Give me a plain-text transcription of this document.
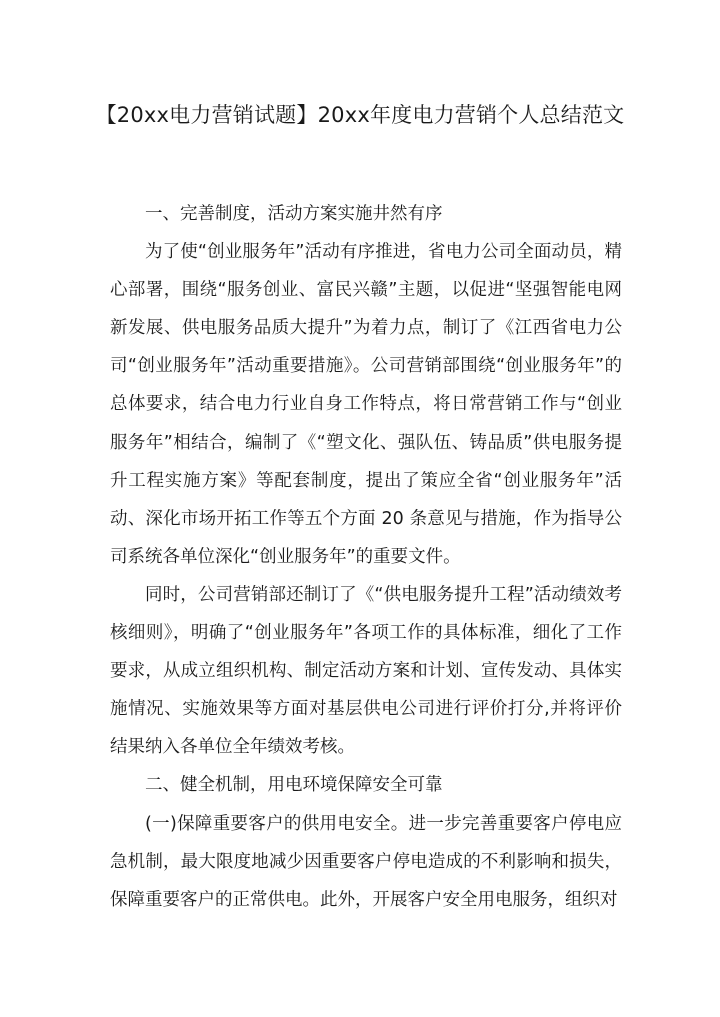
【20xx电力营销试题】20xx年度电力营销个人总结范文

一、完善制度，活动方案实施井然有序

为了使“创业服务年”活动有序推进，省电力公司全面动员，精心部署，围绕“服务创业、富民兴赣”主题，以促进“坚强智能电网新发展、供电服务品质大提升”为着力点，制订了《江西省电力公司“创业服务年”活动重要措施》。公司营销部围绕“创业服务年”的总体要求，结合电力行业自身工作特点，将日常营销工作与“创业服务年”相结合，编制了《“塑文化、强队伍、铸品质”供电服务提升工程实施方案》等配套制度，提出了策应全省“创业服务年”活动、深化市场开拓工作等五个方面 20 条意见与措施，作为指导公司系统各单位深化“创业服务年”的重要文件。

同时，公司营销部还制订了《“供电服务提升工程”活动绩效考核细则》，明确了“创业服务年”各项工作的具体标准，细化了工作要求，从成立组织机构、制定活动方案和计划、宣传发动、具体实施情况、实施效果等方面对基层供电公司进行评价打分,并将评价结果纳入各单位全年绩效考核。

二、健全机制，用电环境保障安全可靠

(一)保障重要客户的供用电安全。进一步完善重要客户停电应急机制，最大限度地减少因重要客户停电造成的不利影响和损失，保障重要客户的正常供电。此外，开展客户安全用电服务，组织对
